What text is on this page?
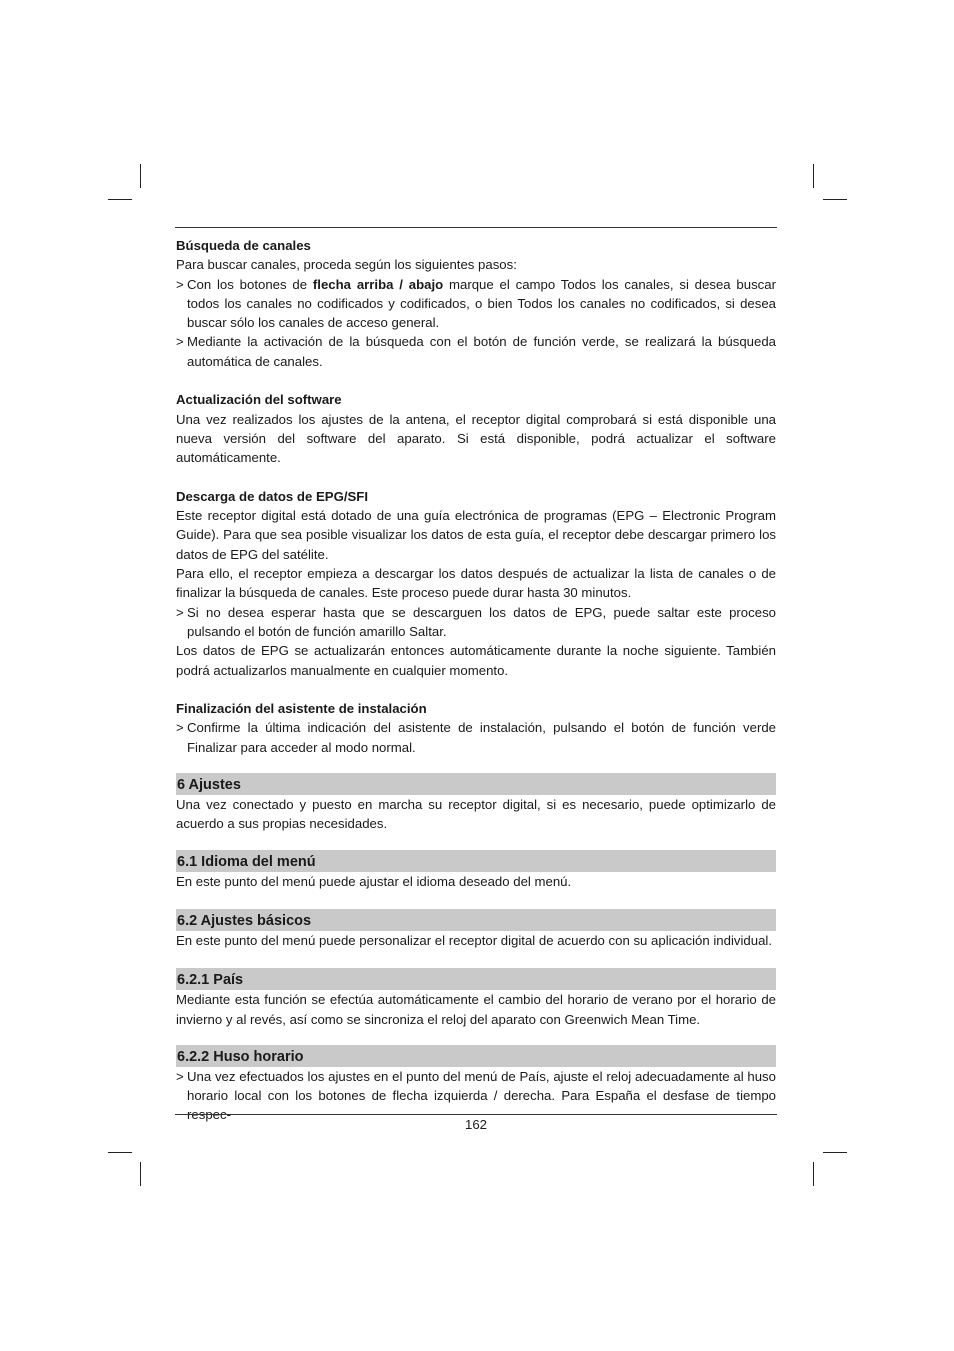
Búsqueda de canales

Para buscar canales, proceda según los siguientes pasos:

> Con los botones de flecha arriba / abajo marque el campo Todos los canales, si desea buscar todos los canales no codificados y codificados, o bien Todos los canales no codificados, si desea buscar sólo los canales de acceso general.
> Mediante la activación de la búsqueda con el botón de función verde, se realizará la búsqueda automática de canales.

Actualización del software

Una vez realizados los ajustes de la antena, el receptor digital comprobará si está disponible una nueva versión del software del aparato. Si está disponible, podrá actualizar el software automáticamente.

Descarga de datos de EPG/SFI

Este receptor digital está dotado de una guía electrónica de programas (EPG – Electronic Program Guide). Para que sea posible visualizar los datos de esta guía, el receptor debe descargar primero los datos de EPG del satélite.

Para ello, el receptor empieza a descargar los datos después de actualizar la lista de canales o de finalizar la búsqueda de canales. Este proceso puede durar hasta 30 minutos.

> Si no desea esperar hasta que se descarguen los datos de EPG, puede saltar este proceso pulsando el botón de función amarillo Saltar.

Los datos de EPG se actualizarán entonces automáticamente durante la noche siguiente. También podrá actualizarlos manualmente en cualquier momento.

Finalización del asistente de instalación

> Confirme la última indicación del asistente de instalación, pulsando el botón de función verde Finalizar para acceder al modo normal.
6 Ajustes

Una vez conectado y puesto en marcha su receptor digital, si es necesario, puede optimizarlo de acuerdo a sus propias necesidades.

6.1 Idioma del menú

En este punto del menú puede ajustar el idioma deseado del menú.

6.2 Ajustes básicos

En este punto del menú puede personalizar el receptor digital de acuerdo con su aplicación individual.

6.2.1 País

Mediante esta función se efectúa automáticamente el cambio del horario de verano por el horario de invierno y al revés, así como se sincroniza el reloj del aparato con Greenwich Mean Time.

6.2.2 Huso horario
> Una vez efectuados los ajustes en el punto del menú de País, ajuste el reloj adecuadamente al huso horario local con los botones de flecha izquierda / derecha. Para España el desfase de tiempo
162
